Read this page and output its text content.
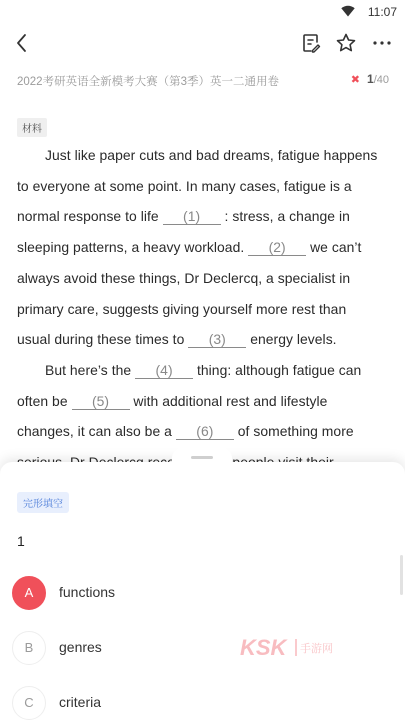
11:07
2022考研英语全新模考大赛（第3季）英一二通用卷	✖ 1/40
材料
Just like paper cuts and bad dreams, fatigue happens
to everyone at some point. In many cases, fatigue is a
normal response to life (1) : stress, a change in
sleeping patterns, a heavy workload. (2) we can’t
always avoid these things, Dr Declercq, a specialist in
primary care, suggests giving yourself more rest than
usual during these times to (3) energy levels.
But here’s the (4) thing: although fatigue can
often be (5) with additional rest and lifestyle
changes, it can also be a (6) of something more
完形填空
1
A	functions
B	genres
C	criteria
KSK 手游网
